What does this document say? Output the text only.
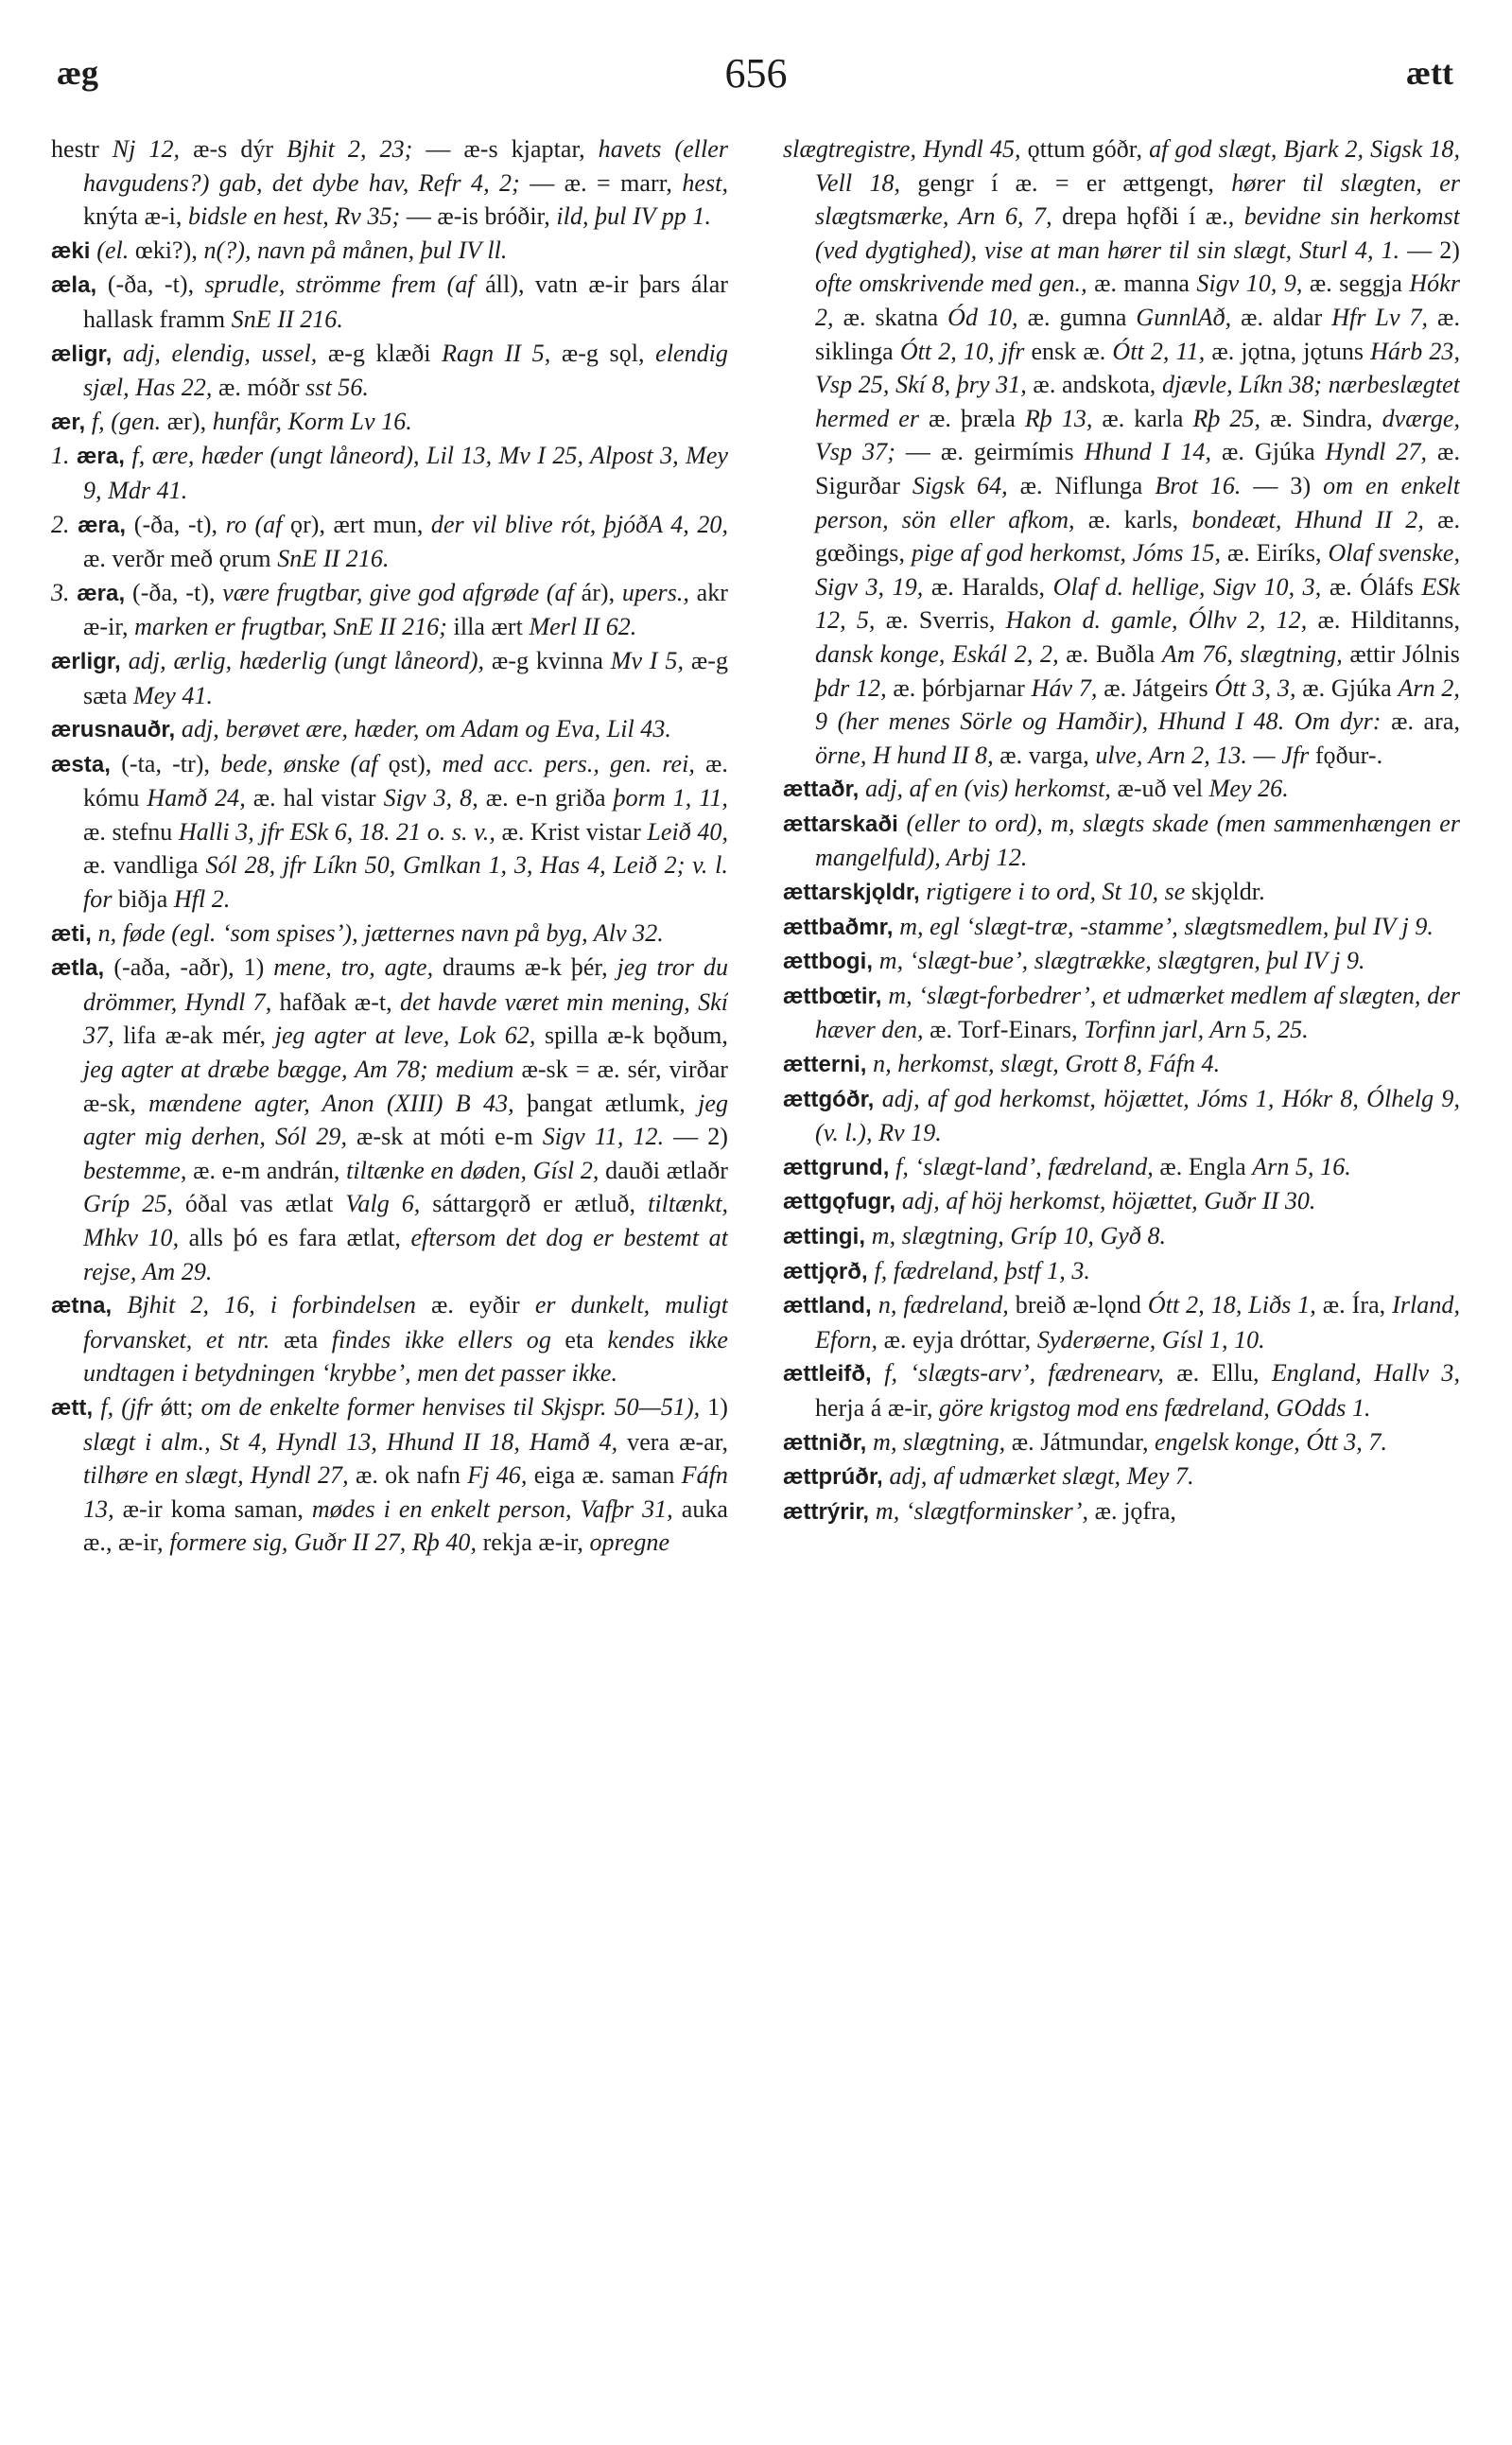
æg	656	ætt

hestr Nj 12, æ-s dýr Bjhit 2, 23; — æ-s kjaptar, havets (eller havgudens?) gab, det dybe hav, Refr 4, 2; — æ. = marr, hest, knýta æ-i, bidsle en hest, Rv 35; — æ-is bróðir, ild, þul IV pp 1.

æki (el. œki?), n(?), navn på månen, þul IV ll.

æla, (-ða, -t), sprudle, strömme frem (af áll), vatn æ-ir þars álar hallask framm SnE II 216.

æligr, adj, elendig, ussel, æ-g klæði Ragn II 5, æ-g sǫl, elendig sjæl, Has 22, æ. móðr sst 56.

ær, f, (gen. ær), hunfår, Korm Lv 16.

1. æra, f, ære, hæder (ungt låneord), Lil 13, Mv I 25, Alpost 3, Mey 9, Mdr 41.

2. æra, (-ða, -t), ro (af ǫr), ært mun, der vil blive rót, þjóðA 4, 20, æ. verðr með ǫrum SnE II 216.

3. æra, (-ða, -t), være frugtbar, give god afgrøde (af ár), upers., akr æ-ir, marken er frugtbar, SnE II 216; illa ært Merl II 62.

ærligr, adj, ærlig, hæderlig (ungt låneord), æ-g kvinna Mv I 5, æ-g sæta Mey 41.

ærusnauðr, adj, berøvet ære, hæder, om Adam og Eva, Lil 43.

æsta, (-ta, -tr), bede, ønske (af ǫst), med acc. pers., gen. rei, æ. kómu Hamð 24, æ. hal vistar Sigv 3, 8, æ. e-n griða þorm 1, 11, æ. stefnu Halli 3, jfr ESk 6, 18. 21 o. s. v., æ. Krist vistar Leið 40, æ. vandliga Sól 28, jfr Líkn 50, Gmlkan 1, 3, Has 4, Leið 2; v. l. for biðja Hfl 2.

æti, n, føde (egl. ‘som spises’), jætternes navn på byg, Alv 32.

ætla, (-aða, -aðr), 1) mene, tro, agte, draums æ-k þér, jeg tror du drömmer, Hyndl 7, hafðak æ-t, det havde været min mening, Skí 37, lifa æ-ak mér, jeg agter at leve, Lok 62, spilla æ-k bǫðum, jeg agter at dræbe bægge, Am 78; medium æ-sk = æ. sér, virðar æ-sk, mændene agter, Anon (XIII) B 43, þangat ætlumk, jeg agter mig derhen, Sól 29, æ-sk at móti e-m Sigv 11, 12. — 2) bestemme, æ. e-m andrán, tiltænke en døden, Gísl 2, dauði ætlaðr Gríp 25, óðal vas ætlat Valg 6, sáttargǫrð er ætluð, tiltænkt, Mhkv 10, alls þó es fara ætlat, eftersom det dog er bestemt at rejse, Am 29.

ætna, Bjhit 2, 16, i forbindelsen æ. eyðir er dunkelt, muligt forvansket, et ntr. æta findes ikke ellers og eta kendes ikke undtagen i betydningen ‘krybbe’, men det passer ikke.

ætt, f, (jfr ǿtt; om de enkelte former henvises til Skjspr. 50—51), 1) slægt i alm., St 4, Hyndl 13, Hhund II 18, Hamð 4, vera æ-ar, tilhøre en slægt, Hyndl 27, æ. ok nafn Fj 46, eiga æ. saman Fáfn 13, æ-ir koma saman, mødes i en enkelt person, Vafþr 31, auka æ., æ-ir, formere sig, Guðr II 27, Rþ 40, rekja æ-ir, opregne

slægtregistre, Hyndl 45, ǫttum góðr, af god slægt, Bjark 2, Sigsk 18, Vell 18, gengr í æ. = er ættgengt, hører til slægten, er slægtsmærke, Arn 6, 7, drepa hǫfði í æ., bevidne sin herkomst (ved dygtighed), vise at man hører til sin slægt, Sturl 4, 1. — 2) ofte omskrivende med gen., æ. manna Sigv 10, 9, æ. seggja Hókr 2, æ. skatna Ód 10, æ. gumna GunnlAð, æ. aldar Hfr Lv 7, æ. siklinga Ótt 2, 10, jfr ensk æ. Ótt 2, 11, æ. jǫtna, jǫtuns Hárb 23, Vsp 25, Skí 8, þry 31, æ. andskota, djævle, Líkn 38; nærbeslægtet hermed er æ. þræla Rþ 13, æ. karla Rþ 25, æ. Sindra, dværge, Vsp 37; — æ. geirmímis Hhund I 14, æ. Gjúka Hyndl 27, æ. Sigurðar Sigsk 64, æ. Niflunga Brot 16. — 3) om en enkelt person, sön eller afkom, æ. karls, bondeæt, Hhund II 2, æ. gœðings, pige af god herkomst, Jóms 15, æ. Eiríks, Olaf svenske, Sigv 3, 19, æ. Haralds, Olaf d. hellige, Sigv 10, 3, æ. Óláfs ESk 12, 5, æ. Sverris, Hakon d. gamle, Ólhv 2, 12, æ. Hilditanns, dansk konge, Eskál 2, 2, æ. Buðla Am 76, slægtning, ættir Jólnis þdr 12, æ. þórbjarnar Háv 7, æ. Játgeirs Ótt 3, 3, æ. Gjúka Arn 2, 9 (her menes Sörle og Hamðir), Hhund I 48. Om dyr: æ. ara, örne, H hund II 8, æ. varga, ulve, Arn 2, 13. — Jfr fǫður-.

ættaðr, adj, af en (vis) herkomst, æ-uð vel Mey 26.

ættarskaði (eller to ord), m, slægts skade (men sammenhængen er mangelfuld), Arbj 12.

ættarskjǫldr, rigtigere i to ord, St 10, se skjǫldr.

ættbaðmr, m, egl ‘slægt-træ, -stamme’, slægtsmedlem, þul IV j 9.

ættbogi, m, ‘slægt-bue’, slægtrække, slægtgren, þul IV j 9.

ættbœtir, m, ‘slægt-forbedrer’, et udmærket medlem af slægten, der hæver den, æ. Torf-Einars, Torfinn jarl, Arn 5, 25.

ætterni, n, herkomst, slægt, Grott 8, Fáfn 4.

ættgóðr, adj, af god herkomst, höjættet, Jóms 1, Hókr 8, Ólhelg 9, (v. l.), Rv 19.

ættgrund, f, ‘slægt-land’, fædreland, æ. Engla Arn 5, 16.

ættgǫfugr, adj, af höj herkomst, höjættet, Guðr II 30.

ættingi, m, slægtning, Gríp 10, Gyð 8.

ættjǫrð, f, fædreland, þstf 1, 3.

ættland, n, fædreland, breið æ-lǫnd Ótt 2, 18, Liðs 1, æ. Íra, Irland, Eforn, æ. eyja dróttar, Syderøerne, Gísl 1, 10.

ættleifð, f, ‘slægts-arv’, fædrenearv, æ. Ellu, England, Hallv 3, herja á æ-ir, göre krigstog mod ens fædreland, GOdds 1.

ættniðr, m, slægtning, æ. Játmundar, engelsk konge, Ótt 3, 7.

ættprúðr, adj, af udmærket slægt, Mey 7.

ættrýrir, m, ‘slægtforminsker’, æ. jǫfra,
